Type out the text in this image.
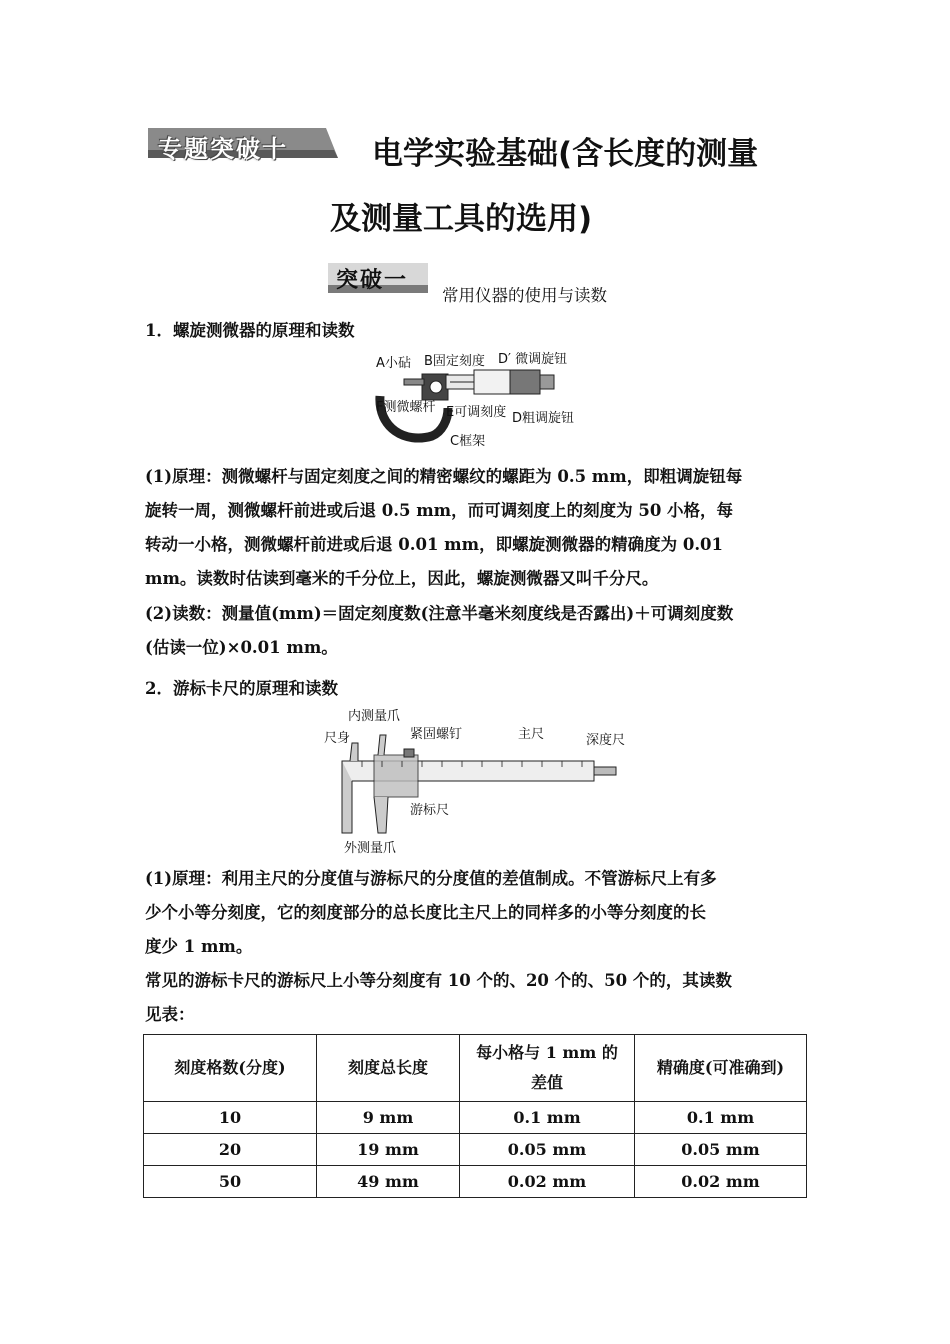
专题突破十	电学实验基础(含长度的测量
及测量工具的选用)
突破一
常用仪器的使用与读数
1．螺旋测微器的原理和读数
A小砧 B固定刻度 D′ 微调旋钮
F测微螺杆 E可调刻度 D粗调旋钮
C框架
(1)原理：测微螺杆与固定刻度之间的精密螺纹的螺距为 0.5 mm，即粗调旋钮每
旋转一周，测微螺杆前进或后退 0.5 mm，而可调刻度上的刻度为 50 小格，每
转动一小格，测微螺杆前进或后退 0.01 mm，即螺旋测微器的精确度为 0.01
mm。读数时估读到毫米的千分位上，因此，螺旋测微器又叫千分尺。
(2)读数：测量值(mm)＝固定刻度数(注意半毫米刻度线是否露出)＋可调刻度数
(估读一位)×0.01 mm。
2．游标卡尺的原理和读数
内测量爪
尺身	紧固螺钉	主尺	深度尺
游标尺
外测量爪
(1)原理：利用主尺的分度值与游标尺的分度值的差值制成。不管游标尺上有多
少个小等分刻度，它的刻度部分的总长度比主尺上的同样多的小等分刻度的长
度少 1 mm。
常见的游标卡尺的游标尺上小等分刻度有 10 个的、20 个的、50 个的，其读数
见表：
刻度格数(分度)	刻度总长度	每小格与 1 mm 的
差值	精确度(可准确到)
10	9 mm	0.1 mm	0.1 mm
20	19 mm	0.05 mm	0.05 mm
50	49 mm	0.02 mm	0.02 mm
